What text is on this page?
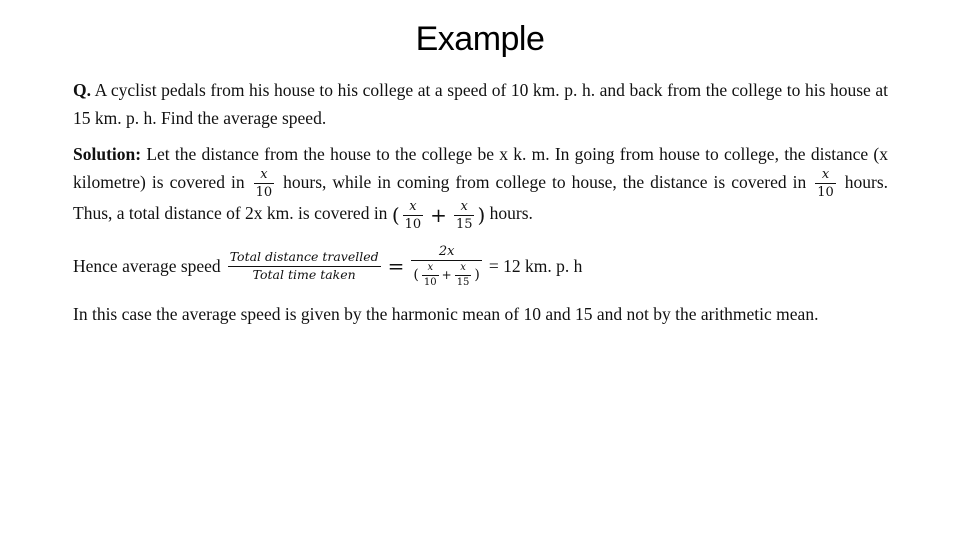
Example

Q. A cyclist pedals from his house to his college at a speed of 10 km. p. h. and back from the college to his house at 15 km. p. h. Find the average speed.

Solution: Let the distance from the house to the college be x k. m. In going from house to college, the distance (x kilometre) is covered in $\frac{x}{10}$ hours, while in coming from college to house, the distance is covered in $\frac{x}{10}$ hours. Thus, a total distance of 2x km. is covered in ( $\frac{x}{10} + \frac{x}{15}$ ) hours.

Hence average speed $\frac{\text{Total distance travelled}}{\text{Total time taken}}$ =
2x
( $\frac{x}{10} + \frac{x}{15}$ ) = 12 km. p. h

In this case the average speed is given by the harmonic mean of 10 and 15 and not by the arithmetic mean.
